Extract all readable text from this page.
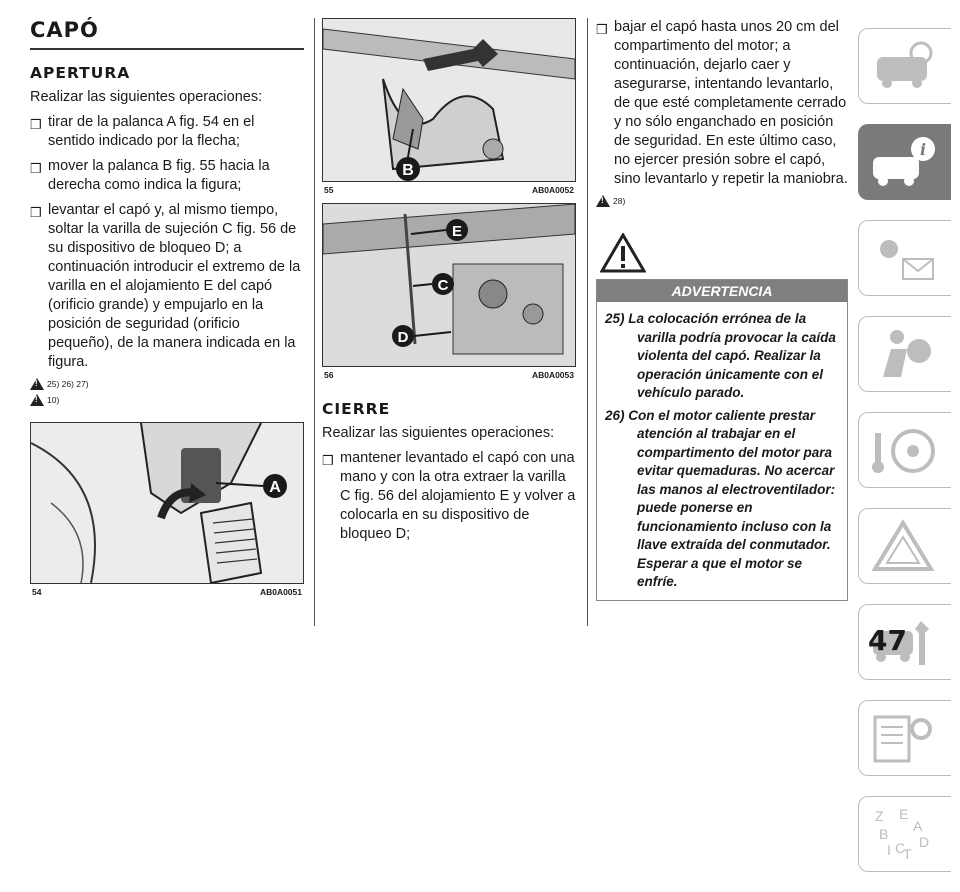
CAPÓ
APERTURA

Realizar las siguientes operaciones:

❒ tirar de la palanca A fig. 54 en el sentido indicado por la flecha;
❒ mover la palanca B fig. 55 hacia la derecha como indica la figura;
❒ levantar el capó y, al mismo tiempo, soltar la varilla de sujeción C fig. 56 de su dispositivo de bloqueo D; a continuación introducir el extremo de la varilla en el alojamiento E del capó (orificio grande) y empujarlo en la posición de seguridad (orificio pequeño), de la manera indicada en la figura.
!
25) 26) 27)
!
10)
A
54	AB0A0051
B
55	AB0A0052
E
C
D
56	AB0A0053
CIERRE

Realizar las siguientes operaciones:

❒ mantener levantado el capó con una mano y con la otra extraer la varilla C fig. 56 del alojamiento E y volver a colocarla en su dispositivo de bloqueo D;
❒ bajar el capó hasta unos 20 cm del compartimento del motor; a continuación, dejarlo caer y asegurarse, intentando levantarlo, de que esté completamente cerrado y no sólo enganchado en posición de seguridad. En este último caso, no ejercer presión sobre el capó, sino levantarlo y repetir la maniobra.
!
28)
ADVERTENCIA
25) La colocación errónea de la varilla podría provocar la caída violenta del capó. Realizar la operación únicamente con el vehículo parado.
26) Con el motor caliente prestar atención al trabajar en el compartimento del motor para evitar quemaduras. No acercar las manos al electroventilador: puede ponerse en funcionamiento incluso con la llave extraída del conmutador. Esperar a que el motor se enfríe.
i
Z E
A
B D
I C
T
47
